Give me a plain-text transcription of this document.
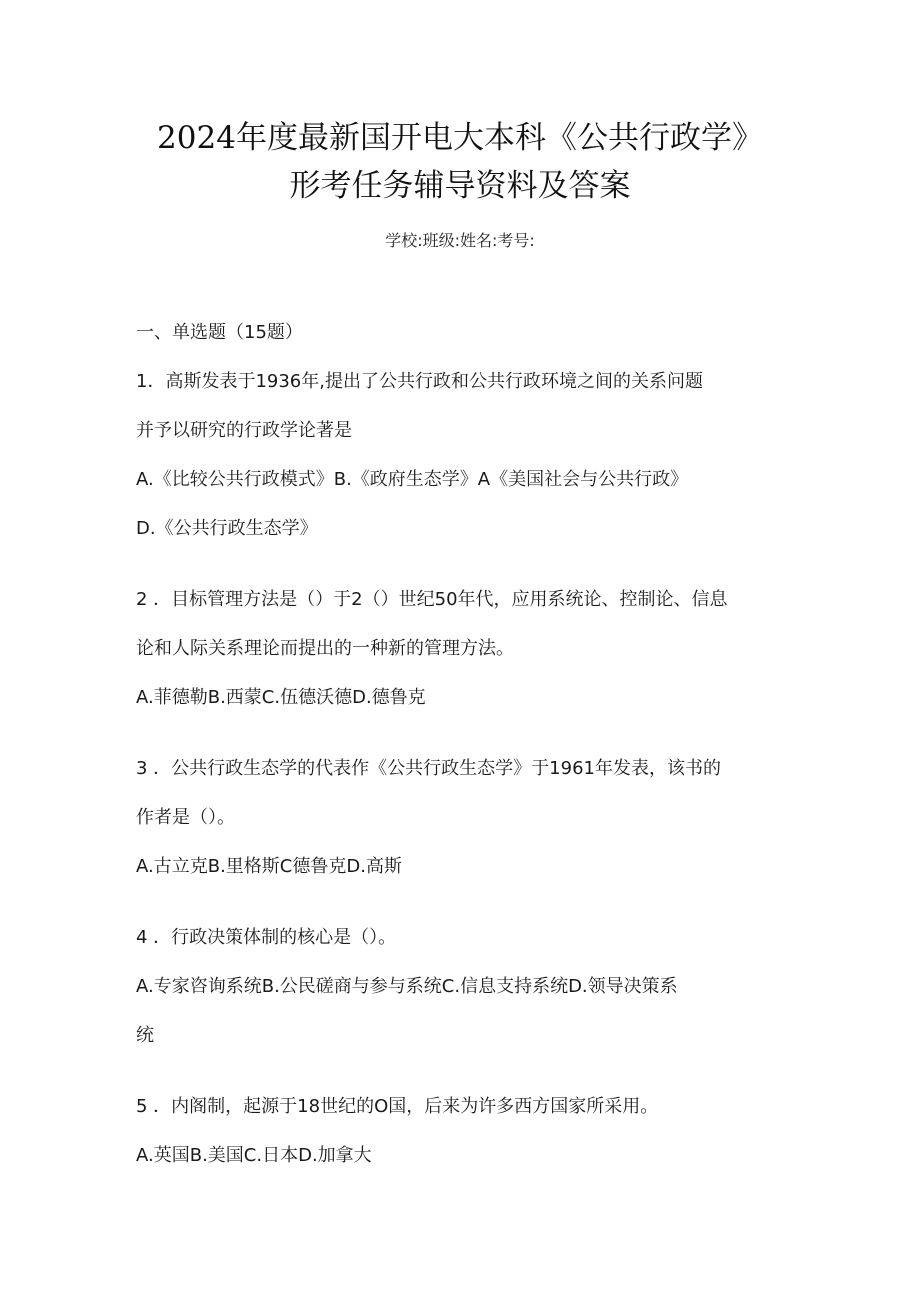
2024年度最新国开电大本科《公共行政学》
形考任务辅导资料及答案
学校:班级:姓名:考号:
一、单选题（15题）
1．高斯发表于1936年,提出了公共行政和公共行政环境之间的关系问题
并予以研究的行政学论著是
A.《比较公共行政模式》B.《政府生态学》A《美国社会与公共行政》
D.《公共行政生态学》
2 ．目标管理方法是（）于2（）世纪50年代，应用系统论、控制论、信息
论和人际关系理论而提出的一种新的管理方法。
A.菲德勒B.西蒙C.伍德沃德D.德鲁克
3 ．公共行政生态学的代表作《公共行政生态学》于1961年发表，该书的
作者是（）。
A.古立克B.里格斯C德鲁克D.高斯
4 ．行政决策体制的核心是（）。
A.专家咨询系统B.公民磋商与参与系统C.信息支持系统D.领导决策系
统
5 ．内阁制，起源于18世纪的O国，后来为许多西方国家所采用。
A.英国B.美国C.日本D.加拿大
